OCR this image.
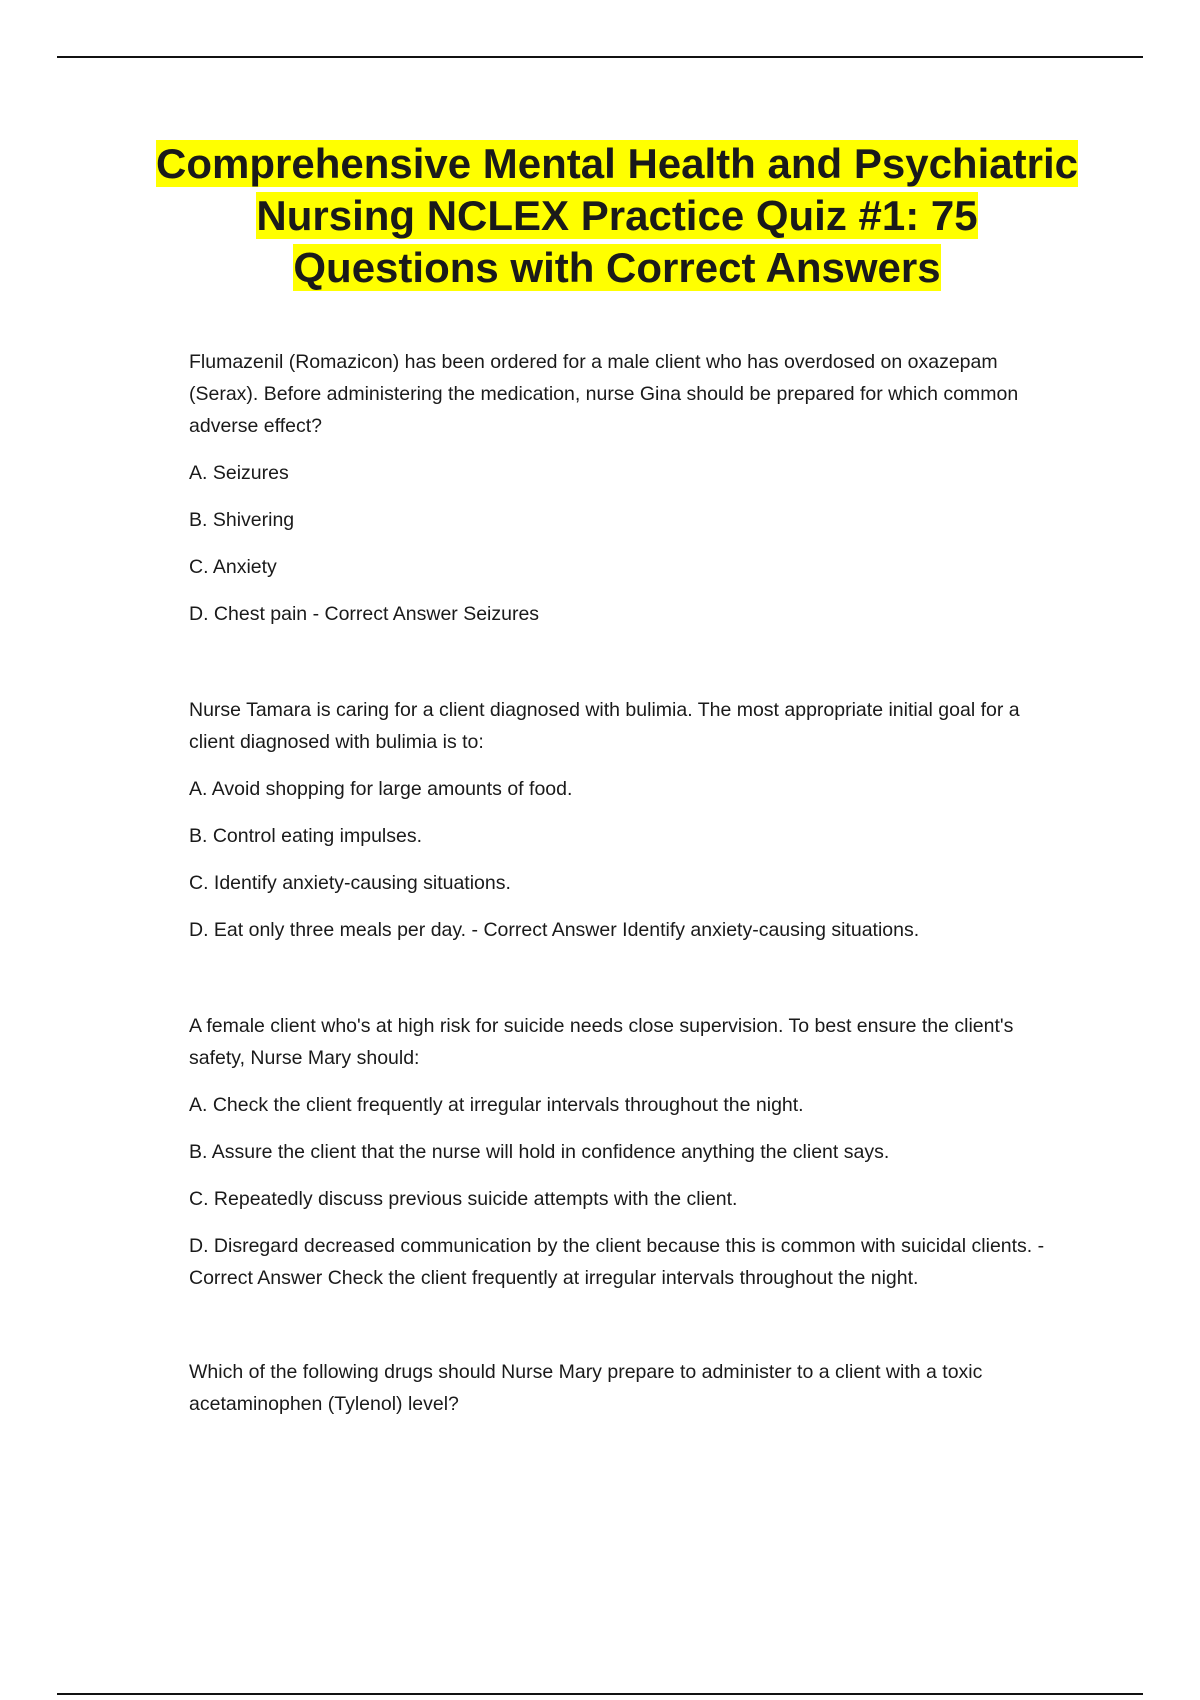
Comprehensive Mental Health and Psychiatric Nursing NCLEX Practice Quiz #1: 75 Questions with Correct Answers

Flumazenil (Romazicon) has been ordered for a male client who has overdosed on oxazepam (Serax). Before administering the medication, nurse Gina should be prepared for which common adverse effect?

A. Seizures

B. Shivering

C. Anxiety

D. Chest pain - Correct Answer Seizures

Nurse Tamara is caring for a client diagnosed with bulimia. The most appropriate initial goal for a client diagnosed with bulimia is to:

A. Avoid shopping for large amounts of food.

B. Control eating impulses.

C. Identify anxiety-causing situations.

D. Eat only three meals per day. - Correct Answer Identify anxiety-causing situations.

A female client who's at high risk for suicide needs close supervision. To best ensure the client's safety, Nurse Mary should:

A. Check the client frequently at irregular intervals throughout the night.

B. Assure the client that the nurse will hold in confidence anything the client says.

C. Repeatedly discuss previous suicide attempts with the client.

D. Disregard decreased communication by the client because this is common with suicidal clients. - Correct Answer Check the client frequently at irregular intervals throughout the night.

Which of the following drugs should Nurse Mary prepare to administer to a client with a toxic acetaminophen (Tylenol) level?
